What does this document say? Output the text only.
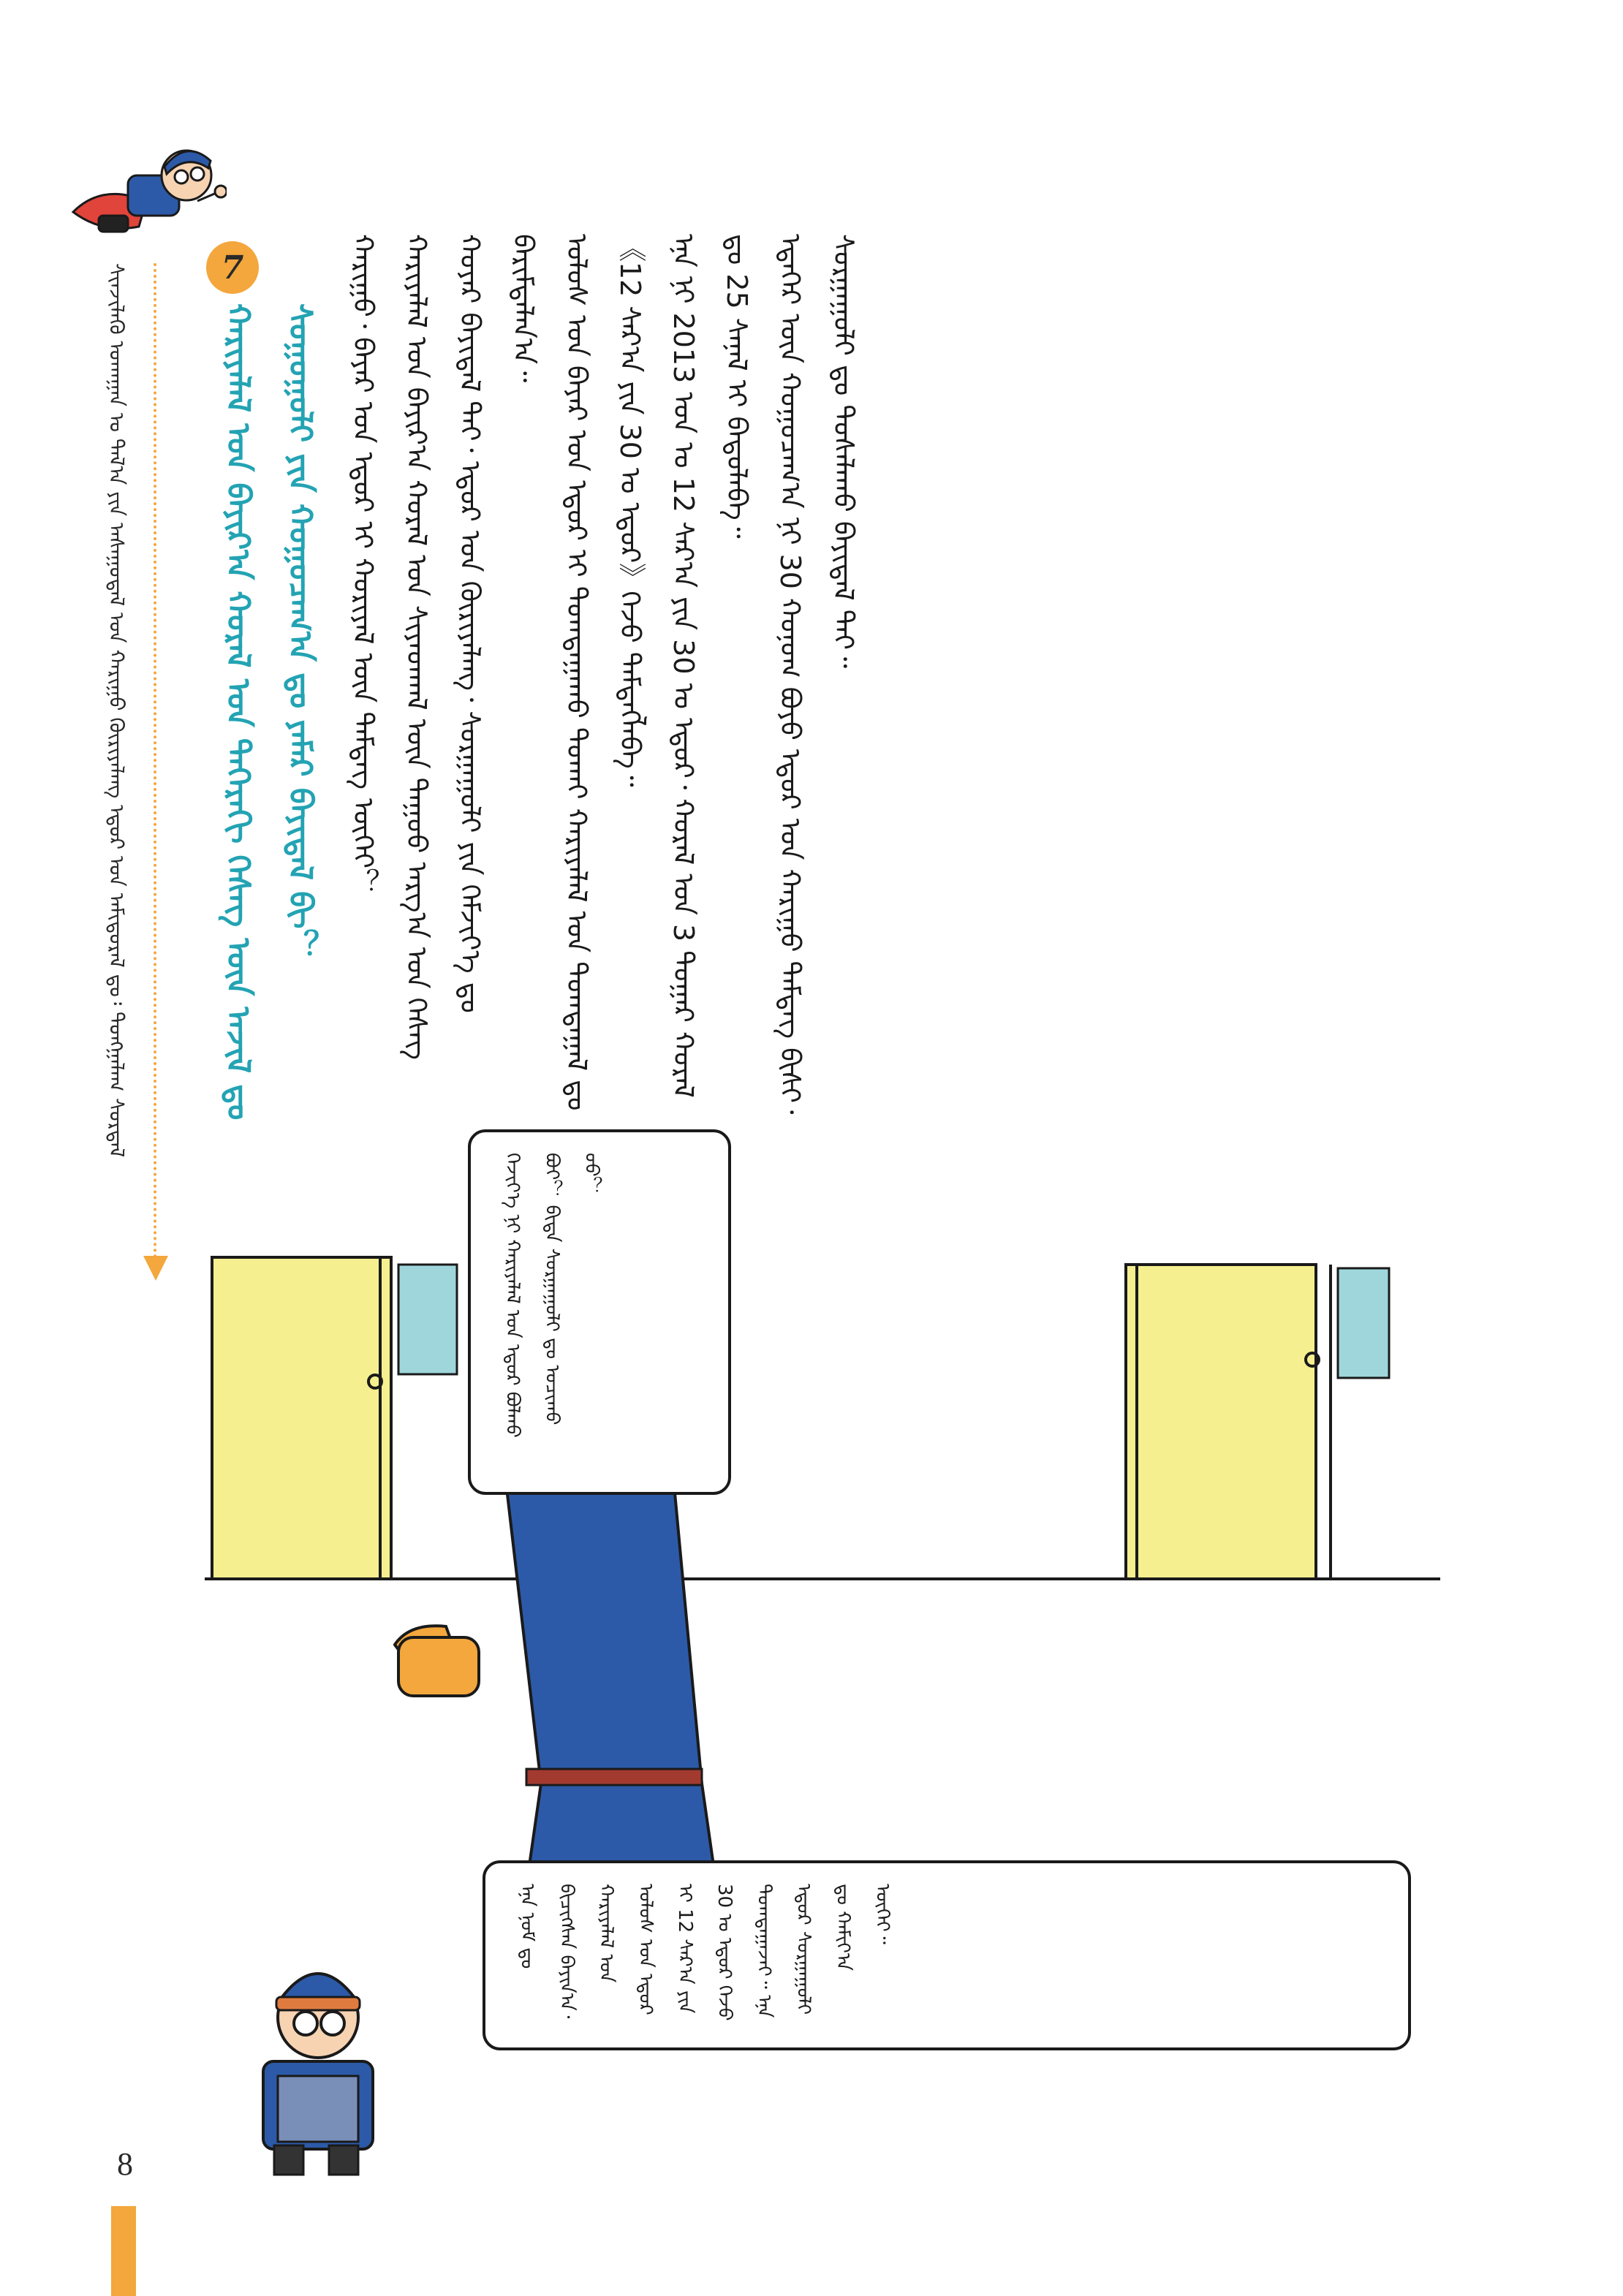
ᠰᠢᠨᠵᠢᠯᠡᠬᠦ ᠤᠬᠠᠭᠠᠨ ᠤ ᠲᠠᠯ᠎ᠠ ᠶᠢᠨ ᠠᠰᠠᠭᠤᠳᠠᠯ ᠤᠨ ᠬᠠᠷᠢᠭᠤ ᠬᠦᠷᠢᠶᠡᠯᠡᠩ ᠡᠳᠦᠷ ᠤᠨ ᠠᠮᠢᠳᠤᠷᠠᠯ ᠳᠤ᠄ ᠲᠤᠩᠭᠠᠯᠠᠭ ᠰᠤᠷᠲᠠᠯ	7
ᠬᠠᠷᠢᠶᠠᠯᠠᠯ ᠤᠨ ᠪᠠᠶᠢᠷ᠎ᠠ ᠬᠤᠷᠠᠯ ᠤᠨ ᠳᠡᠭᠡᠷᠡᠬᠢ ᠬᠡᠰᠡᠭ ᠦᠨ ᠠᠵᠢᠯ ᠳᠤ ᠰᠤᠭᠤᠭᠤᠯᠢ ᠶᠢᠨ ᠬᠤᠭᠤᠴᠠᠭ᠎ᠠ ᠳᠤ ᠶᠠᠮᠠᠷ ᠪᠠᠶᠢᠳᠠᠯ ᠪᠢ？	ᠬᠠᠷᠢᠭᠤ᠂ ᠪᠠᠶᠠᠷ ᠤᠨ ᠡᠳᠦᠷ ᠢ ᠬᠤᠷᠢᠶᠠᠯ ᠦᠨ ᠲᠡᠮᠳᠡᠭ ᠦᠬᠡᠢ？ ᠬᠠᠷᠢᠶᠠᠯᠠᠯ ᠤᠨ ᠪᠠᠶᠢᠷ᠎ᠠ ᠬᠤᠷᠠᠯ ᠤᠨ ᠰᠢᠶᠠᠳᠬᠠᠯ ᠦᠨ ᠳᠠᠭᠤᠤ ᠠᠷᠭ᠎ᠠ ᠤᠨ ᠬᠡᠰᠡᠭ ᠬᠣᠶᠠᠷ ᠪᠠᠶᠢᠳᠠᠯ ᠲᠠᠢ᠂ ᠡᠳᠦᠷ ᠤᠨ ᠬᠦᠷᠢᠶᠡᠯᠡᠩ᠂ ᠰᠤᠷᠭᠠᠭᠤᠯᠢ ᠶᠢᠨ ᠬᠡᠮᠵᠢᠶ᠎ᠡ ᠳᠤ ᠪᠠᠷᠢᠮᠲᠠᠯᠠᠨ᠎ᠠ᠃ ᠤᠯᠤᠰ ᠤᠨ ᠪᠠᠶᠠᠷ ᠤᠨ ᠡᠳᠦᠷ ᠢ ᠲᠤᠭᠲᠠᠭᠠᠬᠤ ᠲᠤᠬᠠᠢ ᠬᠠᠷᠢᠶᠠᠯᠠᠯ ᠤᠨ ᠲᠣᠭᠲᠠᠭᠠᠯ ᠳᠤ《12 ᠰᠠᠷ᠎ᠠ ᠶᠢᠨ 30 ᠤ ᠡᠳᠦᠷ》ᠭᠡᠵᠦ ᠲᠡᠮᠳᠡᠭᠯᠡᠪᠡ᠃ ᠡᠨᠡ ᠨᠢ 2013 ᠤᠨ ᠤ 12 ᠰᠠᠷ᠎ᠠ ᠶᠢᠨ 30 ᠤ ᠡᠳᠦᠷ᠂ ᠬᠤᠷᠠᠯ ᠤᠨ 3 ᠳᠤᠭᠠᠷ ᠬᠤᠷᠠᠯ ᠳᠤ 25 ᠰᠠᠨᠠᠯ ᠢ ᠪᠠᠲᠤᠯᠠᠪᠠ᠃ ᠡᠳᠡᠭᠡᠷ ᠦᠨ ᠬᠤᠭᠤᠴᠠᠭ᠎ᠠ ᠨᠢ 30 ᠬᠣᠨᠤᠭ ᠪᠤᠶᠤ ᠡᠳᠦᠷ ᠤᠨ ᠬᠠᠷᠢᠭᠤ ᠲᠡᠮᠳᠡᠭ ᠪᠢᠰᠢ᠂ ᠰᠤᠷᠭᠠᠭᠤᠯᠢ ᠳᠤ ᠲᠤᠰᠠᠯᠠᠬᠤ ᠪᠠᠶᠢᠳᠠᠯ ᠲᠠᠢ᠃

ᠬᠡᠵᠢᠶ᠎ᠡ ᠨᠢ ᠬᠠᠷᠢᠶᠠᠯᠠᠯ ᠤᠨ ᠡᠳᠦᠷ ᠪᠣᠯᠬᠤ ᠪᠤᠢ？ ᠪᠢᠳᠡ ᠰᠤᠷᠭᠠᠭᠤᠯᠢ ᠳᠤ ᠣᠴᠢᠬᠤ ᠤᠤ？
ᠡᠨᠡ ᠨᠣᠮ ᠳᠤ ᠪᠢᠴᠢᠭᠰᠡᠨ ᠪᠠᠶᠢᠨ᠎ᠠ᠂ ᠬᠠᠷᠢᠶᠠᠯᠠᠯ ᠤᠨ ᠤᠯᠤᠰ ᠤᠨ ᠡᠳᠦᠷ ᠢ 12 ᠰᠠᠷ᠎ᠠ ᠶᠢᠨ 30 ᠤ ᠡᠳᠦᠷ ᠭᠡᠵᠦ ᠲᠣᠭᠲᠠᠭᠠᠵᠠᠢ᠃ ᠡᠨᠡ ᠡᠳᠦᠷ ᠰᠤᠷᠭᠠᠭᠤᠯᠢ ᠳᠤ ᠬᠠᠮᠢᠶ᠎ᠠ ᠦᠭᠡᠢ᠃
8
